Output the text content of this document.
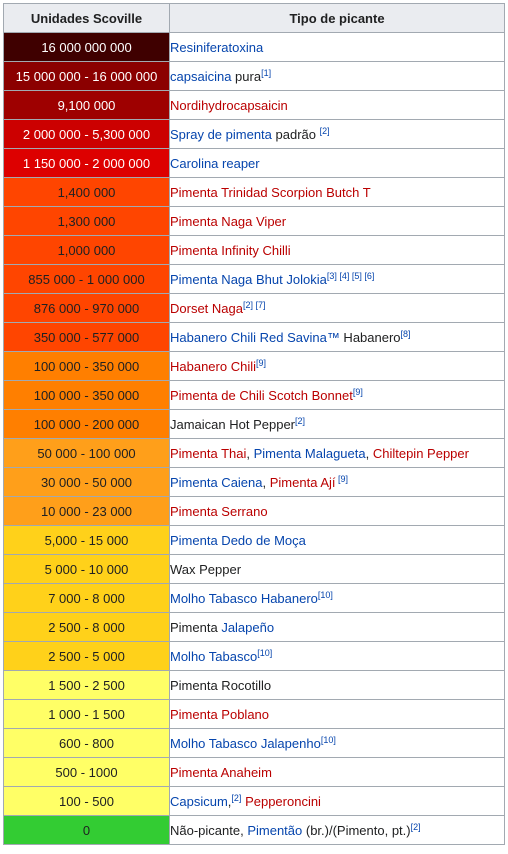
Unidades Scoville	Tipo de picante
16 000 000 000	Resiniferatoxina
15 000 000 - 16 000 000	capsaicina pura[1]
9,100 000	Nordihydrocapsaicin
2 000 000 - 5,300 000	Spray de pimenta padrão [2]
1 150 000 - 2 000 000	Carolina reaper
1,400 000	Pimenta Trinidad Scorpion Butch T
1,300 000	Pimenta Naga Viper
1,000 000	Pimenta Infinity Chilli
855 000 - 1 000 000	Pimenta Naga Bhut Jolokia[3] [4] [5] [6]
876 000 - 970 000	Dorset Naga[2] [7]
350 000 - 577 000	Habanero Chili Red Savina™ Habanero[8]
100 000 - 350 000	Habanero Chili[9]
100 000 - 350 000	Pimenta de Chili Scotch Bonnet[9]
100 000 - 200 000	Jamaican Hot Pepper[2]
50 000 - 100 000	Pimenta Thai, Pimenta Malagueta, Chiltepin Pepper
30 000 - 50 000	Pimenta Caiena, Pimenta Ají [9]
10 000 - 23 000	Pimenta Serrano
5,000 - 15 000	Pimenta Dedo de Moça
5 000 - 10 000	Wax Pepper
7 000 - 8 000	Molho Tabasco Habanero[10]
2 500 - 8 000	Pimenta Jalapeño
2 500 - 5 000	Molho Tabasco[10]
1 500 - 2 500	Pimenta Rocotillo
1 000 - 1 500	Pimenta Poblano
600 - 800	Molho Tabasco Jalapenho[10]
500 - 1000	Pimenta Anaheim
100 - 500	Capsicum,[2] Pepperoncini
0	Não-picante, Pimentão (br.)/(Pimento, pt.)[2]
